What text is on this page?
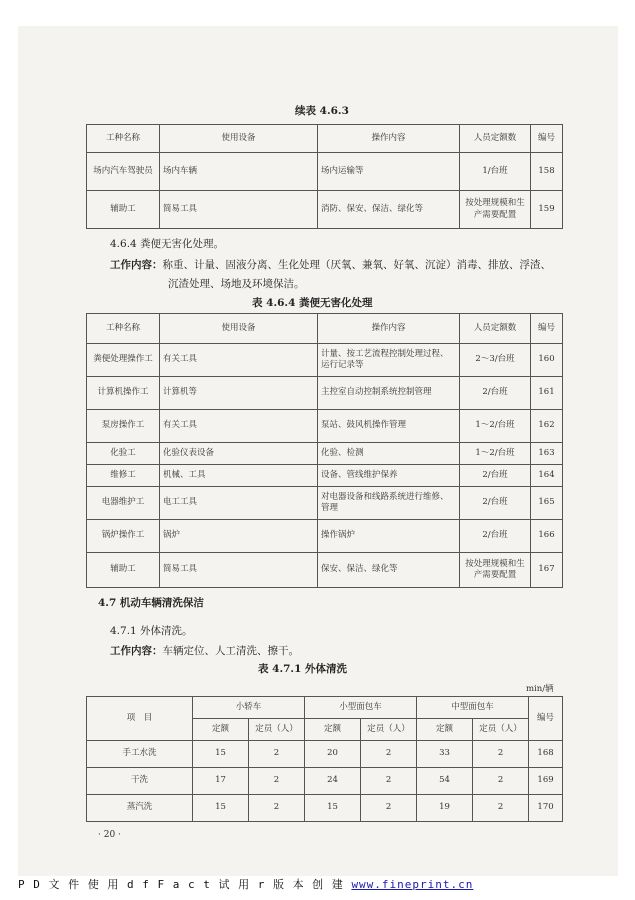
续表 4.6.3
工种名称	使用设备	操作内容	人员定额数	编号
场内汽车驾驶员	场内车辆	场内运输等	1/台班	158
辅助工	简易工具	消防、保安、保洁、绿化等	按处理规模和生产需要配置	159
4.6.4 粪便无害化处理。
工作内容：称重、计量、固液分离、生化处理（厌氧、兼氧、好氧、沉淀）消毒、排放、浮渣、
沉渣处理、场地及环境保洁。
表 4.6.4 粪便无害化处理
工种名称	使用设备	操作内容	人员定额数	编号
粪便处理操作工	有关工具	计量、按工艺流程控制处理过程、运行记录等	2～3/台班	160
计算机操作工	计算机等	主控室自动控制系统控制管理	2/台班	161
泵房操作工	有关工具	泵站、鼓风机操作管理	1～2/台班	162
化验工	化验仪表设备	化验、检测	1～2/台班	163
维修工	机械、工具	设备、管线维护保养	2/台班	164
电器维护工	电工工具	对电器设备和线路系统进行维修、管理	2/台班	165
锅炉操作工	锅炉	操作锅炉	2/台班	166
辅助工	简易工具	保安、保洁、绿化等	按处理规模和生产需要配置	167
4.7 机动车辆清洗保洁
4.7.1 外体清洗。
工作内容：车辆定位、人工清洗、擦干。
表 4.7.1 外体清洗
min/辆
项　目	小轿车		小型面包车		中型面包车		编号
	定额	定员（人）	定额	定员（人）	定额	定员（人）	
手工水洗	15	2	20	2	33	2	168
干洗	17	2	24	2	54	2	169
蒸汽洗	15	2	15	2	19	2	170
· 20 ·
P D 文 件 使 用 d f F a c t 试 用 r 版 本 创 建 www.fineprint.cn
